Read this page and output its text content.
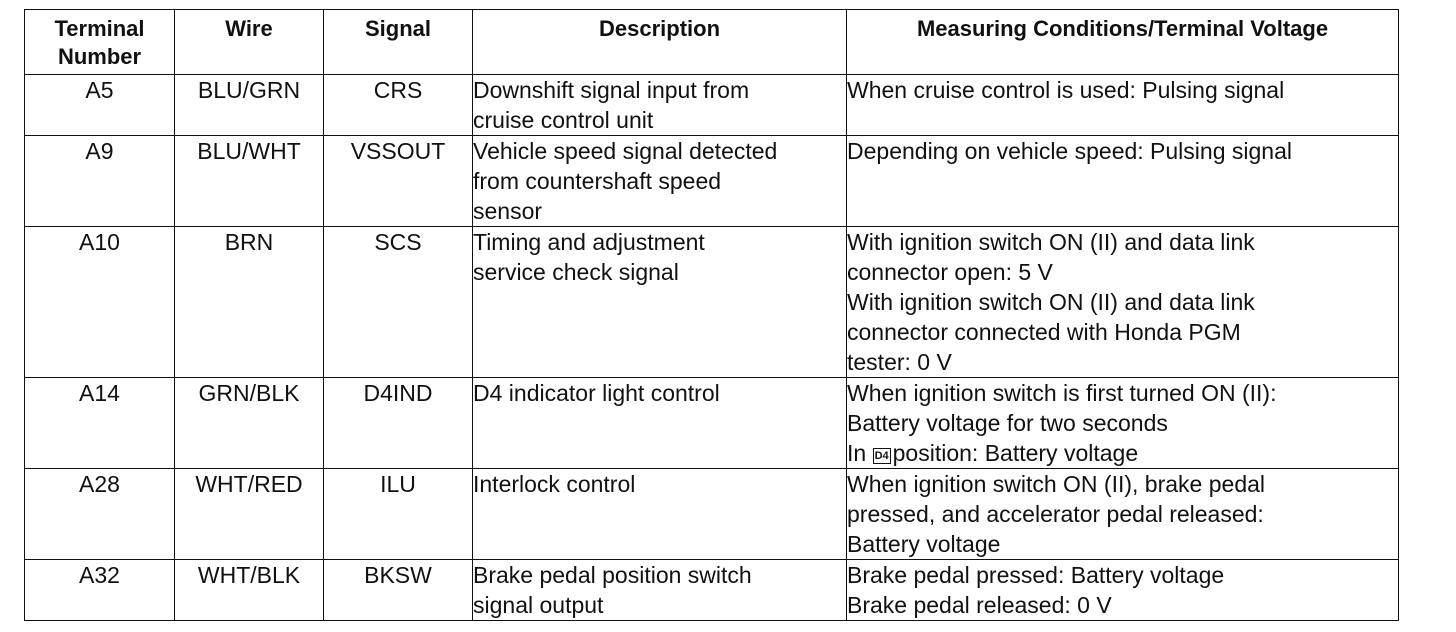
Terminal
Number	Wire	Signal	Description	Measuring Conditions/Terminal Voltage
A5	BLU/GRN	CRS	Downshift signal input from
cruise control unit	When cruise control is used: Pulsing signal

A9	BLU/WHT	VSSOUT	Vehicle speed signal detected
from countershaft speed
sensor	Depending on vehicle speed: Pulsing signal

A10	BRN	SCS	Timing and adjustment
service check signal	With ignition switch ON (II) and data link
connector open: 5 V
With ignition switch ON (II) and data link
connector connected with Honda PGM
tester: 0 V

A14	GRN/BLK	D4IND	D4 indicator light control	When ignition switch is first turned ON (II):
Battery voltage for two seconds
In D4 position: Battery voltage

A28	WHT/RED	ILU	Interlock control	When ignition switch ON (II), brake pedal
pressed, and accelerator pedal released:
Battery voltage

A32	WHT/BLK	BKSW	Brake pedal position switch
signal output	Brake pedal pressed: Battery voltage
Brake pedal released: 0 V
